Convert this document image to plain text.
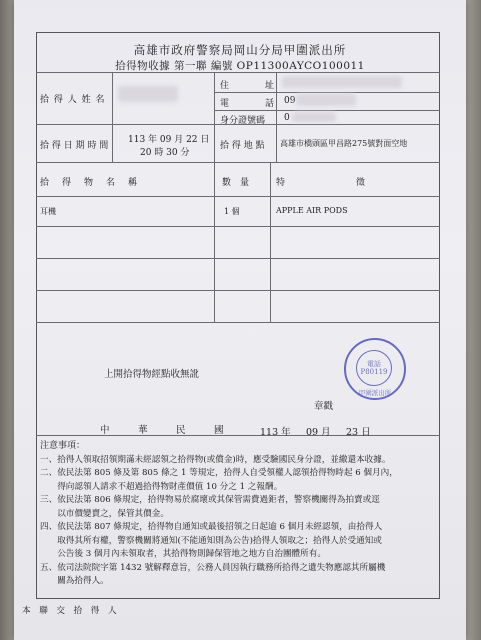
高雄市政府警察局岡山分局甲圍派出所
拾得物收據 第一聯 編號 OP11300AYCO100011
拾 得 人 姓 名
住　　　　址
電　　　　話 09
身分證號碼 0
拾 得 日 期 時 間
113 年 09 月 22 日
20 時 30 分
拾 得 地 點 高雄市橋頭區甲昌路275號對面空地
拾　得　物　名　稱	數　量	特　　　　　　　徵
耳機	1 個	APPLE AIR PODS
上開拾得物經點收無訛
章戳
中　　　華　　　民　　　國	113 年 09 月 23 日
電話
P80119
甲圍派出所
注意事項：
一、拾得人領取招領期滿未經認領之拾得物(或償金)時，應受驗國民身分證，並繳還本收據。
二、依民法第 805 條及第 805 條之 1 等規定，拾得人自受領權人認領拾得物時起 6 個月內，
　　得向認領人請求不超過拾得物財產價值 10 分之 1 之報酬。
三、依民法第 806 條規定，拾得物易於腐壞或其保管需費過鉅者，警察機關得為拍賣或逕
　　以市價變賣之，保管其價金。
四、依民法第 807 條規定，拾得物自通知或最後招領之日起逾 6 個月未經認領，由拾得人
　　取得其所有權，警察機關將通知(不能通知則為公告)拾得人領取之；拾得人於受通知或
　　公告後 3 個月內未領取者，其拾得物則歸保管地之地方自治團體所有。
五、依司法院院字第 1432 號解釋意旨，公務人員因執行職務所拾得之遺失物應認其所屬機
　　關為拾得人。
本　聯　交　拾　得　人
